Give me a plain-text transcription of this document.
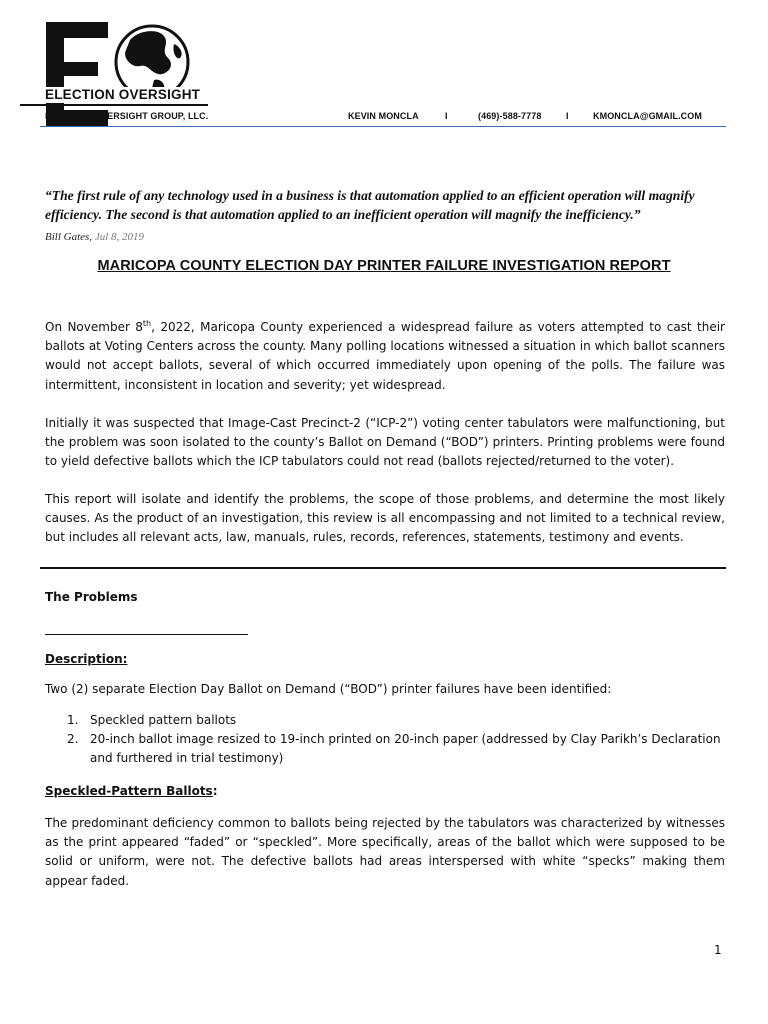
ELECTION OVERSIGHT
ELECTION OVERSIGHT GROUP, LLC.	KEVIN MONCLA	I	(469)-588-7778	I	KMONCLA@GMAIL.COM
“The first rule of any technology used in a business is that automation applied to an efficient operation will magnify efficiency. The second is that automation applied to an inefficient operation will magnify the inefficiency.”
Bill Gates, Jul 8, 2019
MARICOPA COUNTY ELECTION DAY PRINTER FAILURE INVESTIGATION REPORT
On November 8th, 2022, Maricopa County experienced a widespread failure as voters attempted to cast their ballots at Voting Centers across the county. Many polling locations witnessed a situation in which ballot scanners would not accept ballots, several of which occurred immediately upon opening of the polls. The failure was intermittent, inconsistent in location and severity; yet widespread.
Initially it was suspected that Image-Cast Precinct-2 (“ICP-2”) voting center tabulators were malfunctioning, but the problem was soon isolated to the county’s Ballot on Demand (“BOD”) printers. Printing problems were found to yield defective ballots which the ICP tabulators could not read (ballots rejected/returned to the voter).
This report will isolate and identify the problems, the scope of those problems, and determine the most likely causes. As the product of an investigation, this review is all encompassing and not limited to a technical review, but includes all relevant acts, law, manuals, rules, records, references, statements, testimony and events.
The Problems
Description:
Two (2) separate Election Day Ballot on Demand (“BOD”) printer failures have been identified:
1. Speckled pattern ballots
2. 20-inch ballot image resized to 19-inch printed on 20-inch paper (addressed by Clay Parikh’s Declaration and furthered in trial testimony)
Speckled-Pattern Ballots:
The predominant deficiency common to ballots being rejected by the tabulators was characterized by witnesses as the print appeared “faded” or “speckled”. More specifically, areas of the ballot which were supposed to be solid or uniform, were not. The defective ballots had areas interspersed with white “specks” making them appear faded.
1
